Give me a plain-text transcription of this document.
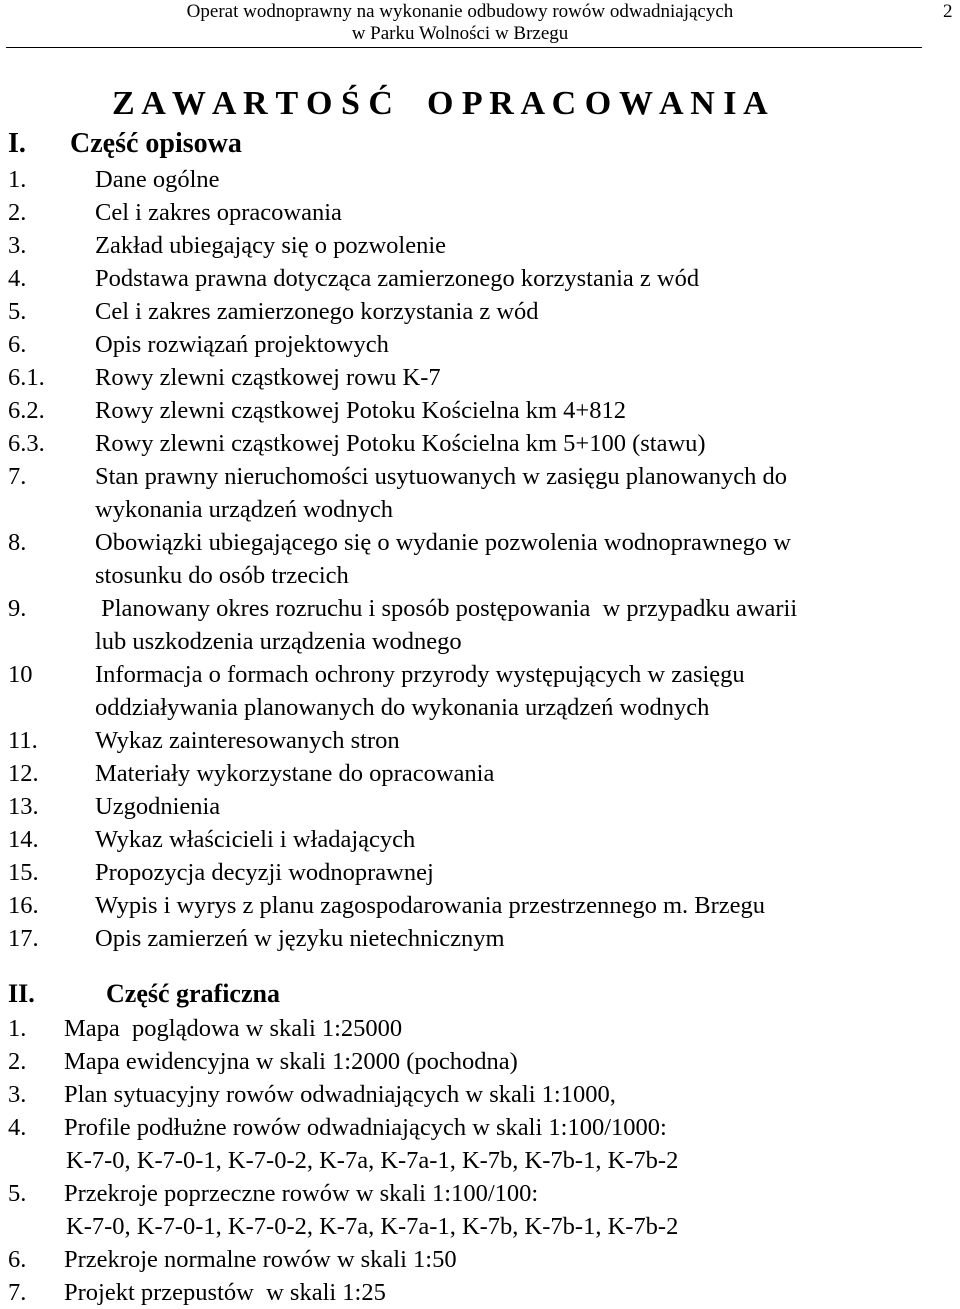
Operat wodnoprawny na wykonanie odbudowy rowów odwadniających
w Parku Wolności w Brzegu
2
Z A W A R T O Ś Ć    O P R A C O W A N I A
I. Część opisowa
1.	Dane ogólne
2.	Cel i zakres opracowania
3.	Zakład ubiegający się o pozwolenie
4.	Podstawa prawna dotycząca zamierzonego korzystania z wód
5.	Cel i zakres zamierzonego korzystania z wód
6.	Opis rozwiązań projektowych
6.1.	Rowy zlewni cząstkowej rowu K-7
6.2.	Rowy zlewni cząstkowej Potoku Kościelna km 4+812
6.3.	Rowy zlewni cząstkowej Potoku Kościelna km 5+100 (stawu)
7.	Stan prawny nieruchomości usytuowanych w zasięgu planowanych do
wykonania urządzeń wodnych
8.	Obowiązki ubiegającego się o wydanie pozwolenia wodnoprawnego w
stosunku do osób trzecich
9.	Planowany okres rozruchu i sposób postępowania  w przypadku awarii
lub uszkodzenia urządzenia wodnego
10	Informacja o formach ochrony przyrody występujących w zasięgu
oddziaływania planowanych do wykonania urządzeń wodnych
11.	Wykaz zainteresowanych stron
12.	Materiały wykorzystane do opracowania
13.	Uzgodnienia
14.	Wykaz właścicieli i władających
15.	Propozycja decyzji wodnoprawnej
16.	Wypis i wyrys z planu zagospodarowania przestrzennego m. Brzegu
17.	Opis zamierzeń w języku nietechnicznym
II.	Część graficzna
1.	Mapa  poglądowa w skali 1:25000
2.	Mapa ewidencyjna w skali 1:2000 (pochodna)
3.	Plan sytuacyjny rowów odwadniających w skali 1:1000,
4.	Profile podłużne rowów odwadniających w skali 1:100/1000:
K-7-0, K-7-0-1, K-7-0-2, K-7a, K-7a-1, K-7b, K-7b-1, K-7b-2
5.	Przekroje poprzeczne rowów w skali 1:100/100:
K-7-0, K-7-0-1, K-7-0-2, K-7a, K-7a-1, K-7b, K-7b-1, K-7b-2
6.	Przekroje normalne rowów w skali 1:50
7.	Projekt przepustów  w skali 1:25
